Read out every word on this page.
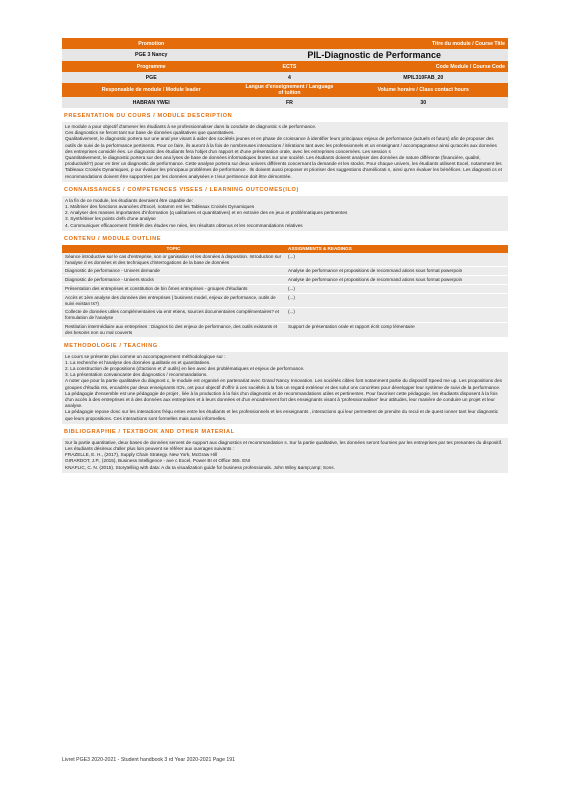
Promotion	Titre du module / Course Title	
PGE 3 Nancy	PIL-Diagnostic de Performance	
Programme	ECTS	Code Module / Course Code
PGE	4	MPIL310FAB_20
Responsable de module / Module leader	Langue d'enseignement / Language of tuition	Volume horaire / Class contact hours
HABRAN YWEI	FR	30
PRESENTATION DU COURS / MODULE DESCRIPTION

Le module a pour objectif d'amener les étudiants à se professionnaliser dans la conduite de diagnostic s de performance.

Ces diagnostics se feront tant sur base de données qualitatives que quantitatives.

Qualitativement, le diagnostic portera sur une anal yse visant à aider des sociétés jeunes et en phase de croissance à identifier leurs principaux enjeux de performance (actuels et futurs) afin de proposer des outils de suivi de la performance pertinents. Pour ce faire, ils auront à la fois de nombreuses interactions / itérations tant avec les professionnels et un enseignant / accompagnateur ainsi qu'accès aux données des entreprises considér ées. Le diagnostic des étudiants fera l'objet d'un rapport et d'une présentation orale, avec les entreprises concernées. Les session s

Quantitativement, le diagnostic portera sur des ana lyses de base de données informatiques brutes sur une société. Les étudiants doivent analyser des données de nature différente (financière, qualité, productivité?) pour en tirer un diagnostic de performance. Cette analyse portera sur deux univers différents concernant la demande et les stocks. Pour chaque univers, les étudiants utilisent Excel, notamment les Tableaux Croisés Dynamiques, p our évaluer les principaux problèmes de performance . Ils doivent aussi proposer et prioriser des suggestions d'améliorati n, ainsi qu'en évaluer les bénéfices. Les diagnosti cs et recommandations doivent être supportées par les données analysées e t leur pertinence doit être démontrée.

CONNAISSANCES / COMPETENCES VISEES / LEARNING OUTCOMES(ILO)

A la fin de ce module, les étudiants devraient être capable de:

1. Maîtriser des fonctions avancées d'Excel, notamm ent les Tableaux Croisés Dynamiques

2. Analyser des masses importantes d'information (q ualitatives et quantitatives) et en extraire des en jeux et problématiques pertinentes

3. Synthétiser les points clefs d'une analyse

4. Communiquer efficacement l'intérêt des études me nées, les résultats obtenus et les recommandations relatives

CONTENU / MODULE OUTLINE
TOPIC	ASSIGNMENTS & READINGS
Séance introductive sur le cas d'entreprise, son or ganisation et les données à disposition. Introduction sur l'analyse d es données et des techniques d'interrogations de la base de données	(...)
Diagnostic de performance - Univers demande	Analyse de performance et propositions de recommand ations sous format powerpoin
Diagnostic de performance - Univers stocks	Analyse de performance et propositions de recommand ations sous format powerpoin
Présentation des entreprises et constitution de bin ômes entreprises - groupes d'étudiants	(...)
Accès et 1ère analyse des données des entreprises ( business model, enjeux de performance, outils de suivi existan ts?)	(...)
Collecte de données utiles complémentaires via entr etiens, sources documentaires complémentaires? et formulation de l'analyse	(...)
Restitution intermédiaire aux entreprises : Diagnos tic des enjeux de performance, des outils existants et des besoins non ou mal couverts	Support de présentation orale et rapport écrit comp lémentaire
METHODOLOGIE / TEACHING

Le cours se présente plus comme un accompagnement méthodologique sur :

1. La recherche et l'analyse des données qualitativ es et quantitatives.

2. La construction de propositions (d'actions et d' outils) en lien avec des problématiques et enjeux de performance.

3. La présentation convaincante des diagnostics / recommandations.

A noter que pour la partie qualitative du diagnost c, le module est organisé en partenariat avec Grand Nancy Innovation. Les sociétés cibles font notamment partie du dispositif Speed me up. Les propositions des groupes d'étudia nts, encadrés par deux enseignants ICN, ont pour objectif d'offrir à ces sociétés à la fois un regard extérieur et des solut ons concrètes pour développer leur système de suivi de la performance.

La pédagogie d'ensemble est une pédagogie de projet , liée à la production à la fois d'un diagnostic et de recommandations utiles et pertinentes. Pour favoriser cette pédagogie, les étudiants disposent à la fois d'un accès à des entreprises et à des données aux entreprises et à leurs données et d'un encadrement fort des enseignants visant à 'professionnaliser' leur attitudes, leur manière de conduire un projet et leur analyse.

La pédagogie repose donc sur les interactions fréqu entes entre les étudiants et les professionnels et les enseignants , interactions qui leur permettent de prendre du recul et de quest ionner tant leur diagnostic que leurs propositions. Ces interactions sont formelles mais aussi informelles.

BIBLIOGRAPHIE / TEXTBOOK AND OTHER MATERIAL

Sur la partie quantitative, deux bases de données servent de support aux diagnostics et recommandation s. Sur la partie qualitative, les données seront fournies par les entreprises par tes prenantes du dispositif.

Les étudiants désireux d'aller plus loin peuvent se référer aux ouvrages suivants :

FRAZELLE, E. H., (2017), Supply Chain Strategy. New York, McGraw Hill

GIRARDOT, J.P., (2015), Business Intelligence - ave c Excel, Power BI et Office 365. ENI

KNAFLIC, C. N. (2015). Storytelling with data: A da ta visualization guide for business professionals. John Wiley &amp;amp; Sons.

Livret PGE3 2020-2021 - Student handbook 3 rd Year 2020-2021 Page 191
